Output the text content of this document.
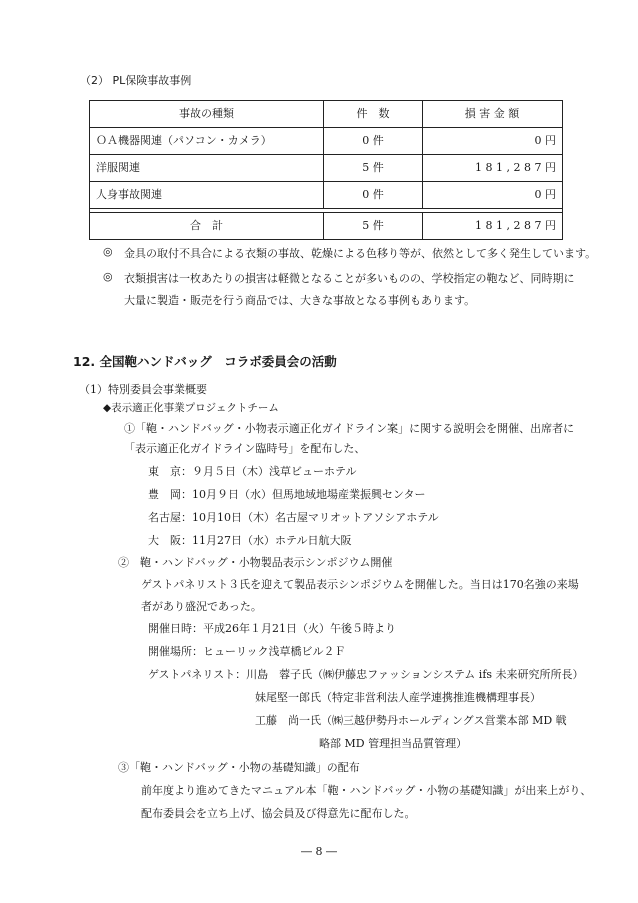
（2） PL保険事故事例
事故の種類	件　数	損 害 金 額
ＯＡ機器関連（パソコン・カメラ）	0 件	0 円
洋服関連	5 件	1 8 1 , 2 8 7 円
人身事故関連	0 件	0 円
合　計	5 件	1 8 1 , 2 8 7 円
◎ 金具の取付不具合による衣類の事故、乾燥による色移り等が、依然として多く発生しています。
◎ 衣類損害は一枚あたりの損害は軽微となることが多いものの、学校指定の鞄など、同時期に
大量に製造・販売を行う商品では、大きな事故となる事例もあります。
12. 全国鞄ハンドバッグ　コラボ委員会の活動
（1）特別委員会事業概要
◆表示適正化事業プロジェクトチーム
①「鞄・ハンドバッグ・小物表示適正化ガイドライン案」に関する説明会を開催、出席者に
「表示適正化ガイドライン臨時号」を配布した、
東　京：９月５日（木）浅草ビューホテル
豊　岡：10月９日（水）但馬地域地場産業振興センター
名古屋：10月10日（木）名古屋マリオットアソシアホテル
大　阪：11月27日（水）ホテル日航大阪
②　鞄・ハンドバッグ・小物製品表示シンポジウム開催
ゲストパネリスト３氏を迎えて製品表示シンポジウムを開催した。当日は170名強の来場
者があり盛況であった。
開催日時：平成26年１月21日（火）午後５時より
開催場所：ヒューリック浅草橋ビル２Ｆ
ゲストパネリスト：川島　蓉子氏（㈱伊藤忠ファッションシステム ifs 未来研究所所長）
妹尾堅一郎氏（特定非営利法人産学連携推進機構理事長）
工藤　尚一氏（㈱三越伊勢丹ホールディングス営業本部 MD 戦
略部 MD 管理担当品質管理）
③「鞄・ハンドバッグ・小物の基礎知識」の配布
前年度より進めてきたマニュアル本「鞄・ハンドバッグ・小物の基礎知識」が出来上がり、
配布委員会を立ち上げ、協会員及び得意先に配布した。
― 8 ―
